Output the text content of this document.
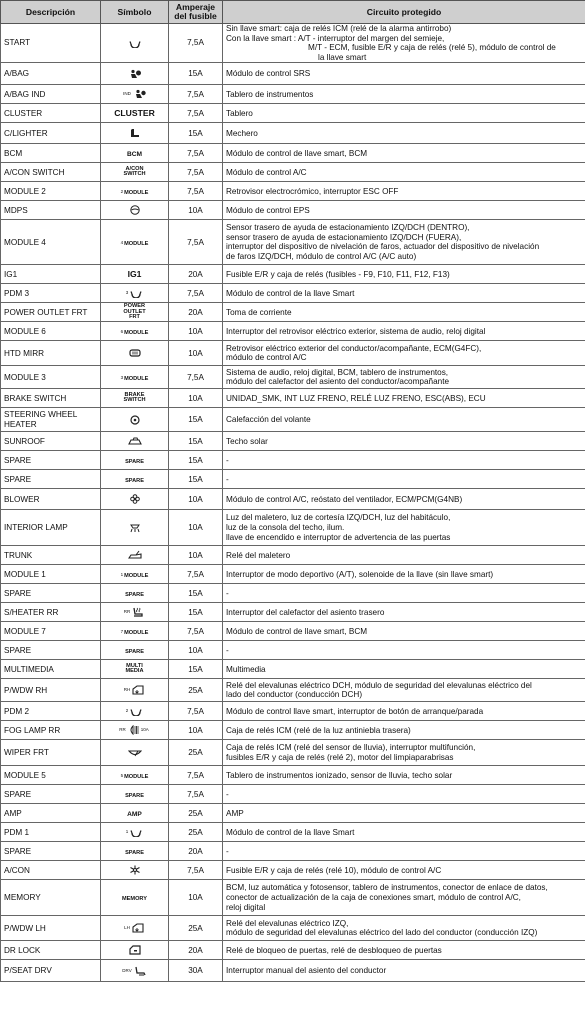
Descripción	Símbolo	Amperaje del fusible	Circuito protegido
START		7,5A	Sin llave smart: caja de relés ICM (relé de la alarma antirrobo)
Con la llave smart : A/T - interruptor del margen del semieje,
M/T - ECM, fusible E/R y caja de relés (relé 5), módulo de control de
la llave smart

A/BAG		15A	Módulo de control SRS

A/BAG IND	$^{IND}$	7,5A	Tablero de instrumentos

CLUSTER	CLUSTER	7,5A	Tablero

C/LIGHTER		15A	Mechero

BCM	BCM	7,5A	Módulo de control de llave smart, BCM

A/CON SWITCH	A/CON SWITCH	7,5A	Módulo de control A/C

MODULE 2	$^2$MODULE	7,5A	Retrovisor electrocrómico, interruptor ESC OFF

MDPS		10A	Módulo de control EPS

MODULE 4	$^4$MODULE	7,5A	Sensor trasero de ayuda de estacionamiento IZQ/DCH (DENTRO),
sensor trasero de ayuda de estacionamiento IZQ/DCH (FUERA),
interruptor del dispositivo de nivelación de faros, actuador del dispositivo de nivelación
de faros IZQ/DCH, módulo de control A/C (A/C auto)

IG1	IG1	20A	Fusible E/R y caja de relés (fusibles - F9, F10, F11, F12, F13)

PDM 3	$^3$	7,5A	Módulo de control de la llave Smart

POWER OUTLET FRT	POWER OUTLET FRT	20A	Toma de corriente

MODULE 6	$^6$MODULE	10A	Interruptor del retrovisor eléctrico exterior, sistema de audio, reloj digital

HTD MIRR		10A	Retrovisor eléctrico exterior del conductor/acompañante, ECM(G4FC),
módulo de control A/C

MODULE 3	$^3$MODULE	7,5A	Sistema de audio, reloj digital, BCM, tablero de instrumentos,
módulo del calefactor del asiento del conductor/acompañante

BRAKE SWITCH	BRAKE SWITCH	10A	UNIDAD_SMK, INT LUZ FRENO, RELÉ LUZ FRENO, ESC(ABS), ECU

STEERING WHEEL
HEATER		15A	Calefacción del volante

SUNROOF		15A	Techo solar

SPARE	SPARE	15A	-

SPARE	SPARE	15A	-

BLOWER		10A	Módulo de control A/C, reóstato del ventilador, ECM/PCM(G4NB)

INTERIOR LAMP		10A	Luz del maletero, luz de cortesía IZQ/DCH, luz del habitáculo,
luz de la consola del techo, ilum.
llave de encendido e interruptor de advertencia de las puertas

TRUNK		10A	Relé del maletero

MODULE 1	$^1$MODULE	7,5A	Interruptor de modo deportivo (A/T), solenoide de la llave (sin llave smart)

SPARE	SPARE	15A	-

S/HEATER RR	$^{RR}$	15A	Interruptor del calefactor del asiento trasero

MODULE 7	$^7$MODULE	7,5A	Módulo de control de llave smart, BCM

SPARE	SPARE	10A	-

MULTIMEDIA	MULTI MEDIA	15A	Multimedia

P/WDW RH	$^{RH}$	25A	Relé del elevalunas eléctrico DCH, módulo de seguridad del elevalunas eléctrico del
lado del conductor (conducción DCH)

PDM 2	$^2$	7,5A	Módulo de control llave smart, interruptor de botón de arranque/parada

FOG LAMP RR	$^{RR}$ $^{10A}$	10A	Caja de relés ICM (relé de la luz antiniebla trasera)

WIPER FRT		25A	Caja de relés ICM (relé del sensor de lluvia), interruptor multifunción,
fusibles E/R y caja de relés (relé 2), motor del limpiaparabrisas

MODULE 5	$^5$MODULE	7,5A	Tablero de instrumentos ionizado, sensor de lluvia, techo solar

SPARE	SPARE	7,5A	-

AMP	AMP	25A	AMP

PDM 1	$^1$	25A	Módulo de control de la llave Smart

SPARE	SPARE	20A	-

A/CON		7,5A	Fusible E/R y caja de relés (relé 10), módulo de control A/C

MEMORY	MEMORY	10A	BCM, luz automática y fotosensor, tablero de instrumentos, conector de enlace de datos,
conector de actualización de la caja de conexiones smart, módulo de control A/C,
reloj digital

P/WDW LH	$^{LH}$	25A	Relé del elevalunas eléctrico IZQ,
módulo de seguridad del elevalunas eléctrico del lado del conductor (conducción IZQ)

DR LOCK		20A	Relé de bloqueo de puertas, relé de desbloqueo de puertas

P/SEAT DRV	$^{DRV}$	30A	Interruptor manual del asiento del conductor
